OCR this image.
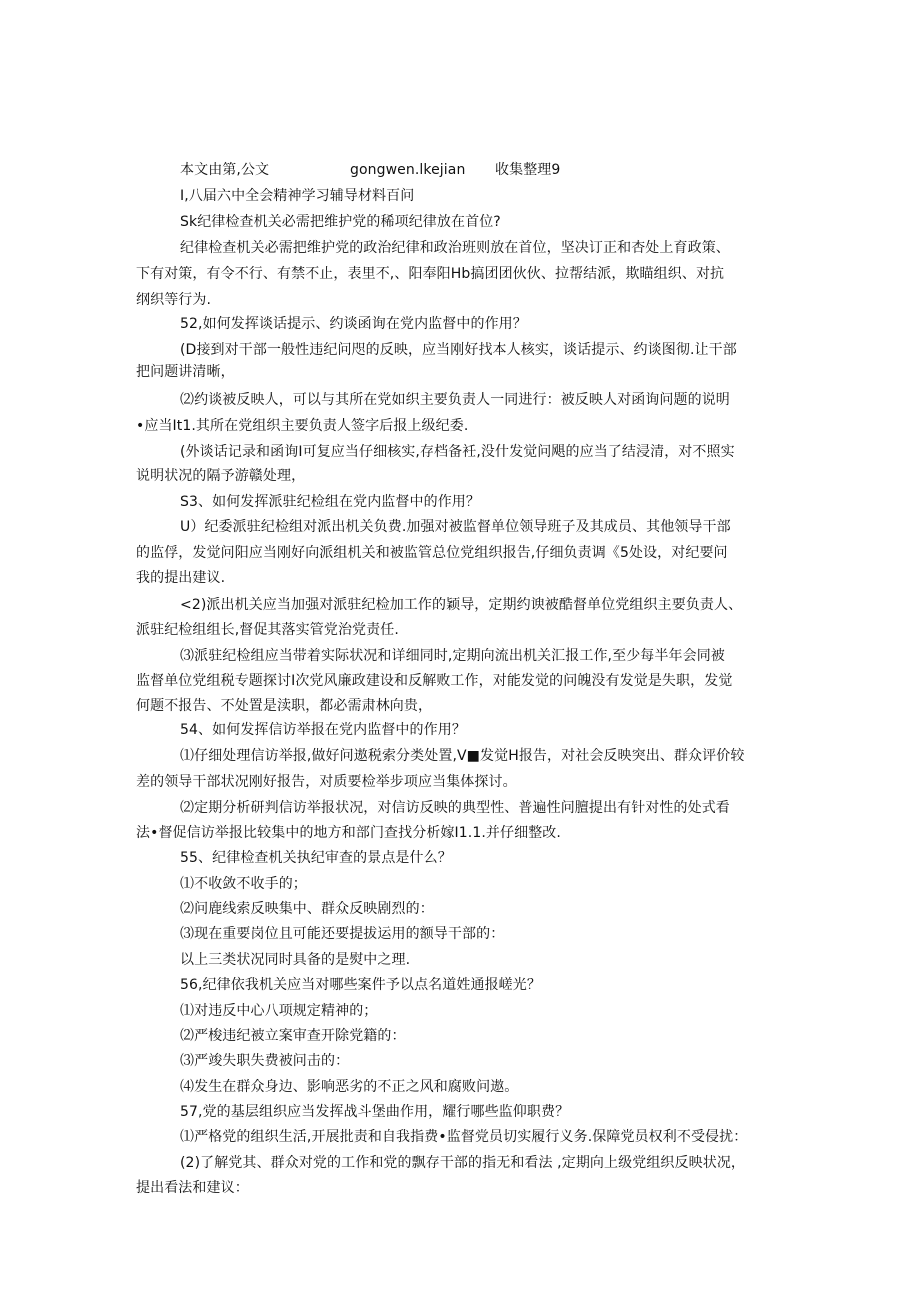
本文由第,公文	gongwen.lkejian 收集整理9
I,八届六中全会精神学习辅导材料百问
Sk纪律检查机关必需把维护党的稀项纪律放在首位?
纪律检查机关必需把维护党的政治纪律和政治班则放在首位，坚决订正和杏处上育政策、
下有对策，有令不行、有禁不止，表里不,、阳奉阳Hb搞团团伙伙、拉帮结派，欺瞄组织、对抗
纲织等行为.
52,如何发挥谈话提示、约谈函询在党内监督中的作用？
(D接到对干部一般性违纪问咫的反映，应当刚好找本人核实，谈话提示、约谈图彻.让干部
把问题讲清晰，
⑵约谈被反映人，可以与其所在党如织主要负责人一同进行：被反映人对函询问题的说明
•应当It1.其所在党组织主要负责人签字后报上级纪委.
(外谈话记录和函询I可复应当仔细核实,存档备衽,没什发觉问飓的应当了结浸清，对不照实
说明状况的隔予游赣处理，
S3、如何发挥派驻纪检组在党内监督中的作用？
U）纪委派驻纪检组对派出机关负费.加强对被监督单位领导班子及其成员、其他领导干部
的监俘，发觉问阳应当刚好向派组机关和被监管总位党组织报告,仔细负责调《5处设，对纪要问
我的提出建议.
<2)派出机关应当加强对派驻纪检加工作的颖导，定期约谀被酷督单位党组织主要负责人、
派驻纪检组组长,督促其落实管党治党责任.
⑶派驻纪检组应当带着实际状况和详细同时,定期向流出机关汇报工作,至少每半年会同被
监督单位党组税专题探讨I次党风廉政建设和反解败工作，对能发觉的问魄没有发觉是失职，发觉
何题不报告、不处置是渎职，都必需肃林向贵，
54、如何发挥信访举报在党内监督中的作用？
⑴仔细处理信访举报,做好问遨税索分类处置,V■发觉H报告，对社会反映突出、群众评价较
差的领导干部状况刚好报告，对质要检举步项应当集体探讨。
⑵定期分析研判信访举报状况，对信访反映的典型性、普遍性问膻提出有针对性的处式看
法•督促信访举报比较集中的地方和部门查找分析嫁I1.1.并仔细整改.
55、纪律检查机关执纪审查的景点是什么？
⑴不收敛不收手的；
⑵问鹿线索反映集中、群众反映剧烈的：
⑶现在重要岗位且可能还要提拔运用的额导干部的：
以上三类状况同时具备的是熨中之理.
56,纪律依我机关应当对哪些案件予以点名道姓通报嵯光？
⑴对违反中心八项规定精神的；
⑵严梭违纪被立案审查开除党籍的：
⑶严竣失职失费被问击的：
⑷发生在群众身边、影响恶劣的不正之风和腐败问遨。
57,党的基层组织应当发挥战斗堡曲作用，耀行哪些监仰职费？
⑴严格党的组织生活,开展批责和自我指费•监督党员切实履行义务.保障党员权利不受侵扰：
(2)了解党其、群众对党的工作和党的飘存干部的指无和看法 ,定期向上级党组织反映状况，
提出看法和建议：
